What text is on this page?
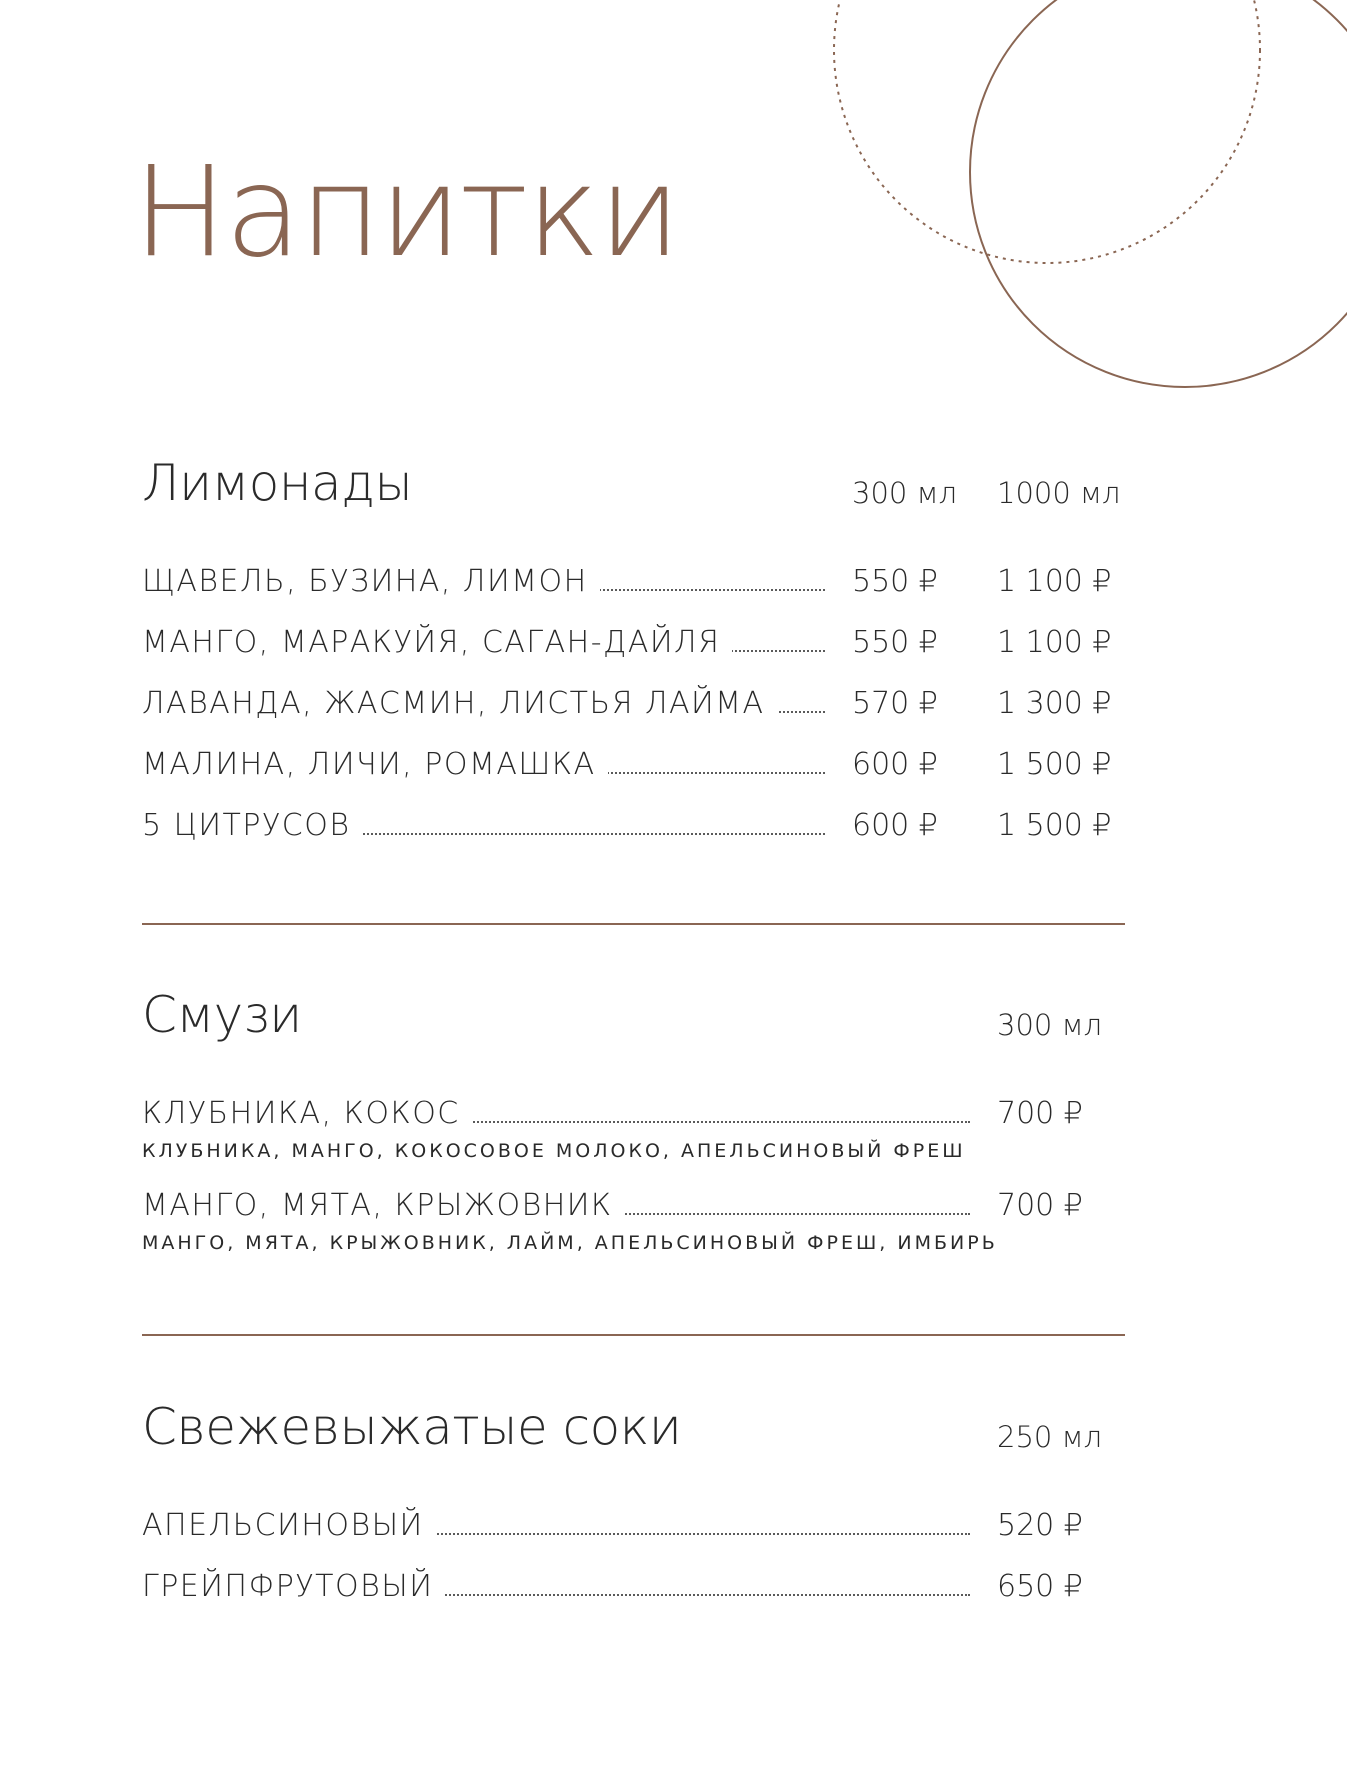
Напитки
Лимонады	300 мл 1000 мл
ЩАВЕЛЬ, БУЗИНА, ЛИМОН	550 ₽ 1 100 ₽
МАНГО, МАРАКУЙЯ, САГАН-ДАЙЛЯ	550 ₽ 1 100 ₽
ЛАВАНДА, ЖАСМИН, ЛИСТЬЯ ЛАЙМА	570 ₽ 1 300 ₽
МАЛИНА, ЛИЧИ, РОМАШКА	600 ₽ 1 500 ₽
5 ЦИТРУСОВ	600 ₽ 1 500 ₽
Смузи	300 мл
КЛУБНИКА, КОКОС	700 ₽
КЛУБНИКА, МАНГО, КОКОСОВОЕ МОЛОКО, АПЕЛЬСИНОВЫЙ ФРЕШ
МАНГО, МЯТА, КРЫЖОВНИК	700 ₽
МАНГО, МЯТА, КРЫЖОВНИК, ЛАЙМ, АПЕЛЬСИНОВЫЙ ФРЕШ, ИМБИРЬ
Свежевыжатые соки	250 мл
АПЕЛЬСИНОВЫЙ	520 ₽
ГРЕЙПФРУТОВЫЙ	650 ₽
